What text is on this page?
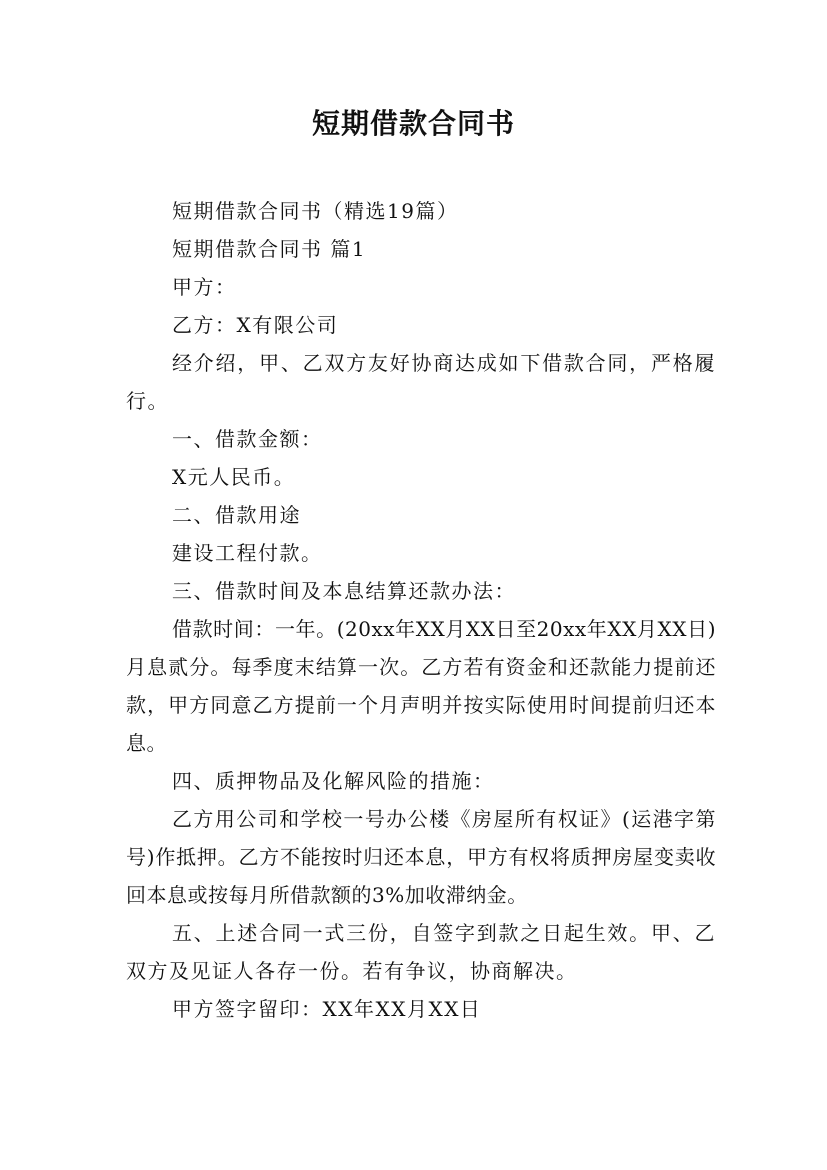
短期借款合同书

短期借款合同书（精选19篇）

短期借款合同书 篇1

甲方：

乙方：X有限公司

经介绍，甲、乙双方友好协商达成如下借款合同，严格履行。

一、借款金额：

X元人民币。

二、借款用途

建设工程付款。

三、借款时间及本息结算还款办法：

借款时间：一年。(20xx年XX月XX日至20xx年XX月XX日)月息贰分。每季度末结算一次。乙方若有资金和还款能力提前还款，甲方同意乙方提前一个月声明并按实际使用时间提前归还本息。

四、质押物品及化解风险的措施：

乙方用公司和学校一号办公楼《房屋所有权证》(运港字第号)作抵押。乙方不能按时归还本息，甲方有权将质押房屋变卖收回本息或按每月所借款额的3%加收滞纳金。

五、上述合同一式三份，自签字到款之日起生效。甲、乙双方及见证人各存一份。若有争议，协商解决。

甲方签字留印：XX年XX月XX日
